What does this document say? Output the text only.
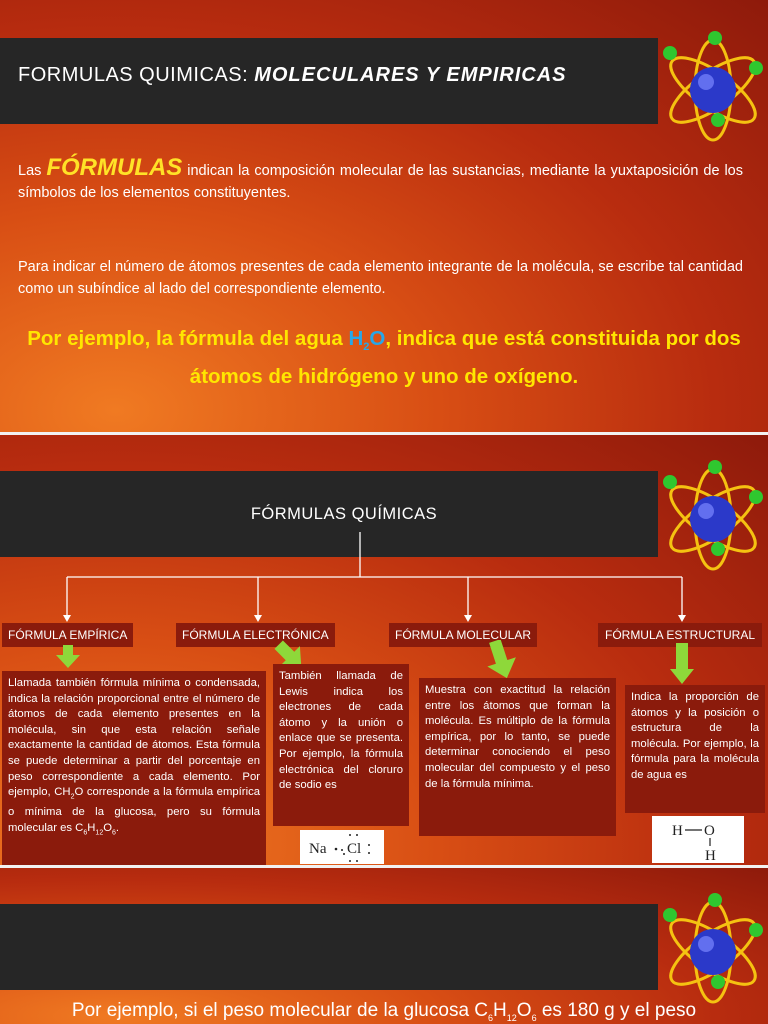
FORMULAS QUIMICAS: MOLECULARES Y EMPIRICAS
Las FÓRMULAS indican la composición molecular de las sustancias, mediante la yuxtaposición de los símbolos de los elementos constituyentes.
Para indicar el número de átomos presentes de cada elemento integrante de la molécula, se escribe tal cantidad como un subíndice al lado del correspondiente elemento.
Por ejemplo, la fórmula del agua $H_2O$, indica que está constituida por dos átomos de hidrógeno y uno de oxígeno.
FÓRMULAS QUÍMICAS
FÓRMULA EMPÍRICA	FÓRMULA ELECTRÓNICA	FÓRMULA MOLECULAR	FÓRMULA ESTRUCTURAL
Llamada también fórmula mínima o condensada, indica la relación proporcional entre el número de átomos de cada elemento presentes en la molécula, sin que esta relación señale exactamente la cantidad de átomos. Esta fórmula se puede determinar a partir del porcentaje en peso correspondiente a cada elemento. Por ejemplo, $CH_2O$ corresponde a la fórmula empírica o mínima de la glucosa, pero su fórmula molecular es $C_6H_{12}O_6$.
También llamada de Lewis indica los electrones de cada átomo y la unión o enlace que se presenta. Por ejemplo, la fórmula electrónica del cloruro de sodio es
Na Cl
Muestra con exactitud la relación entre los átomos que forman la molécula. Es múltiplo de la fórmula empírica, por lo tanto, se puede determinar conociendo el peso molecular del compuesto y el peso de la fórmula mínima.
Indica la proporción de átomos y la posición o estructura de la molécula. Por ejemplo, la fórmula para la molécula de agua es
H O
H
Por ejemplo, si el peso molecular de la glucosa $C_6H_{12}O_6$ es 180 g y el peso
